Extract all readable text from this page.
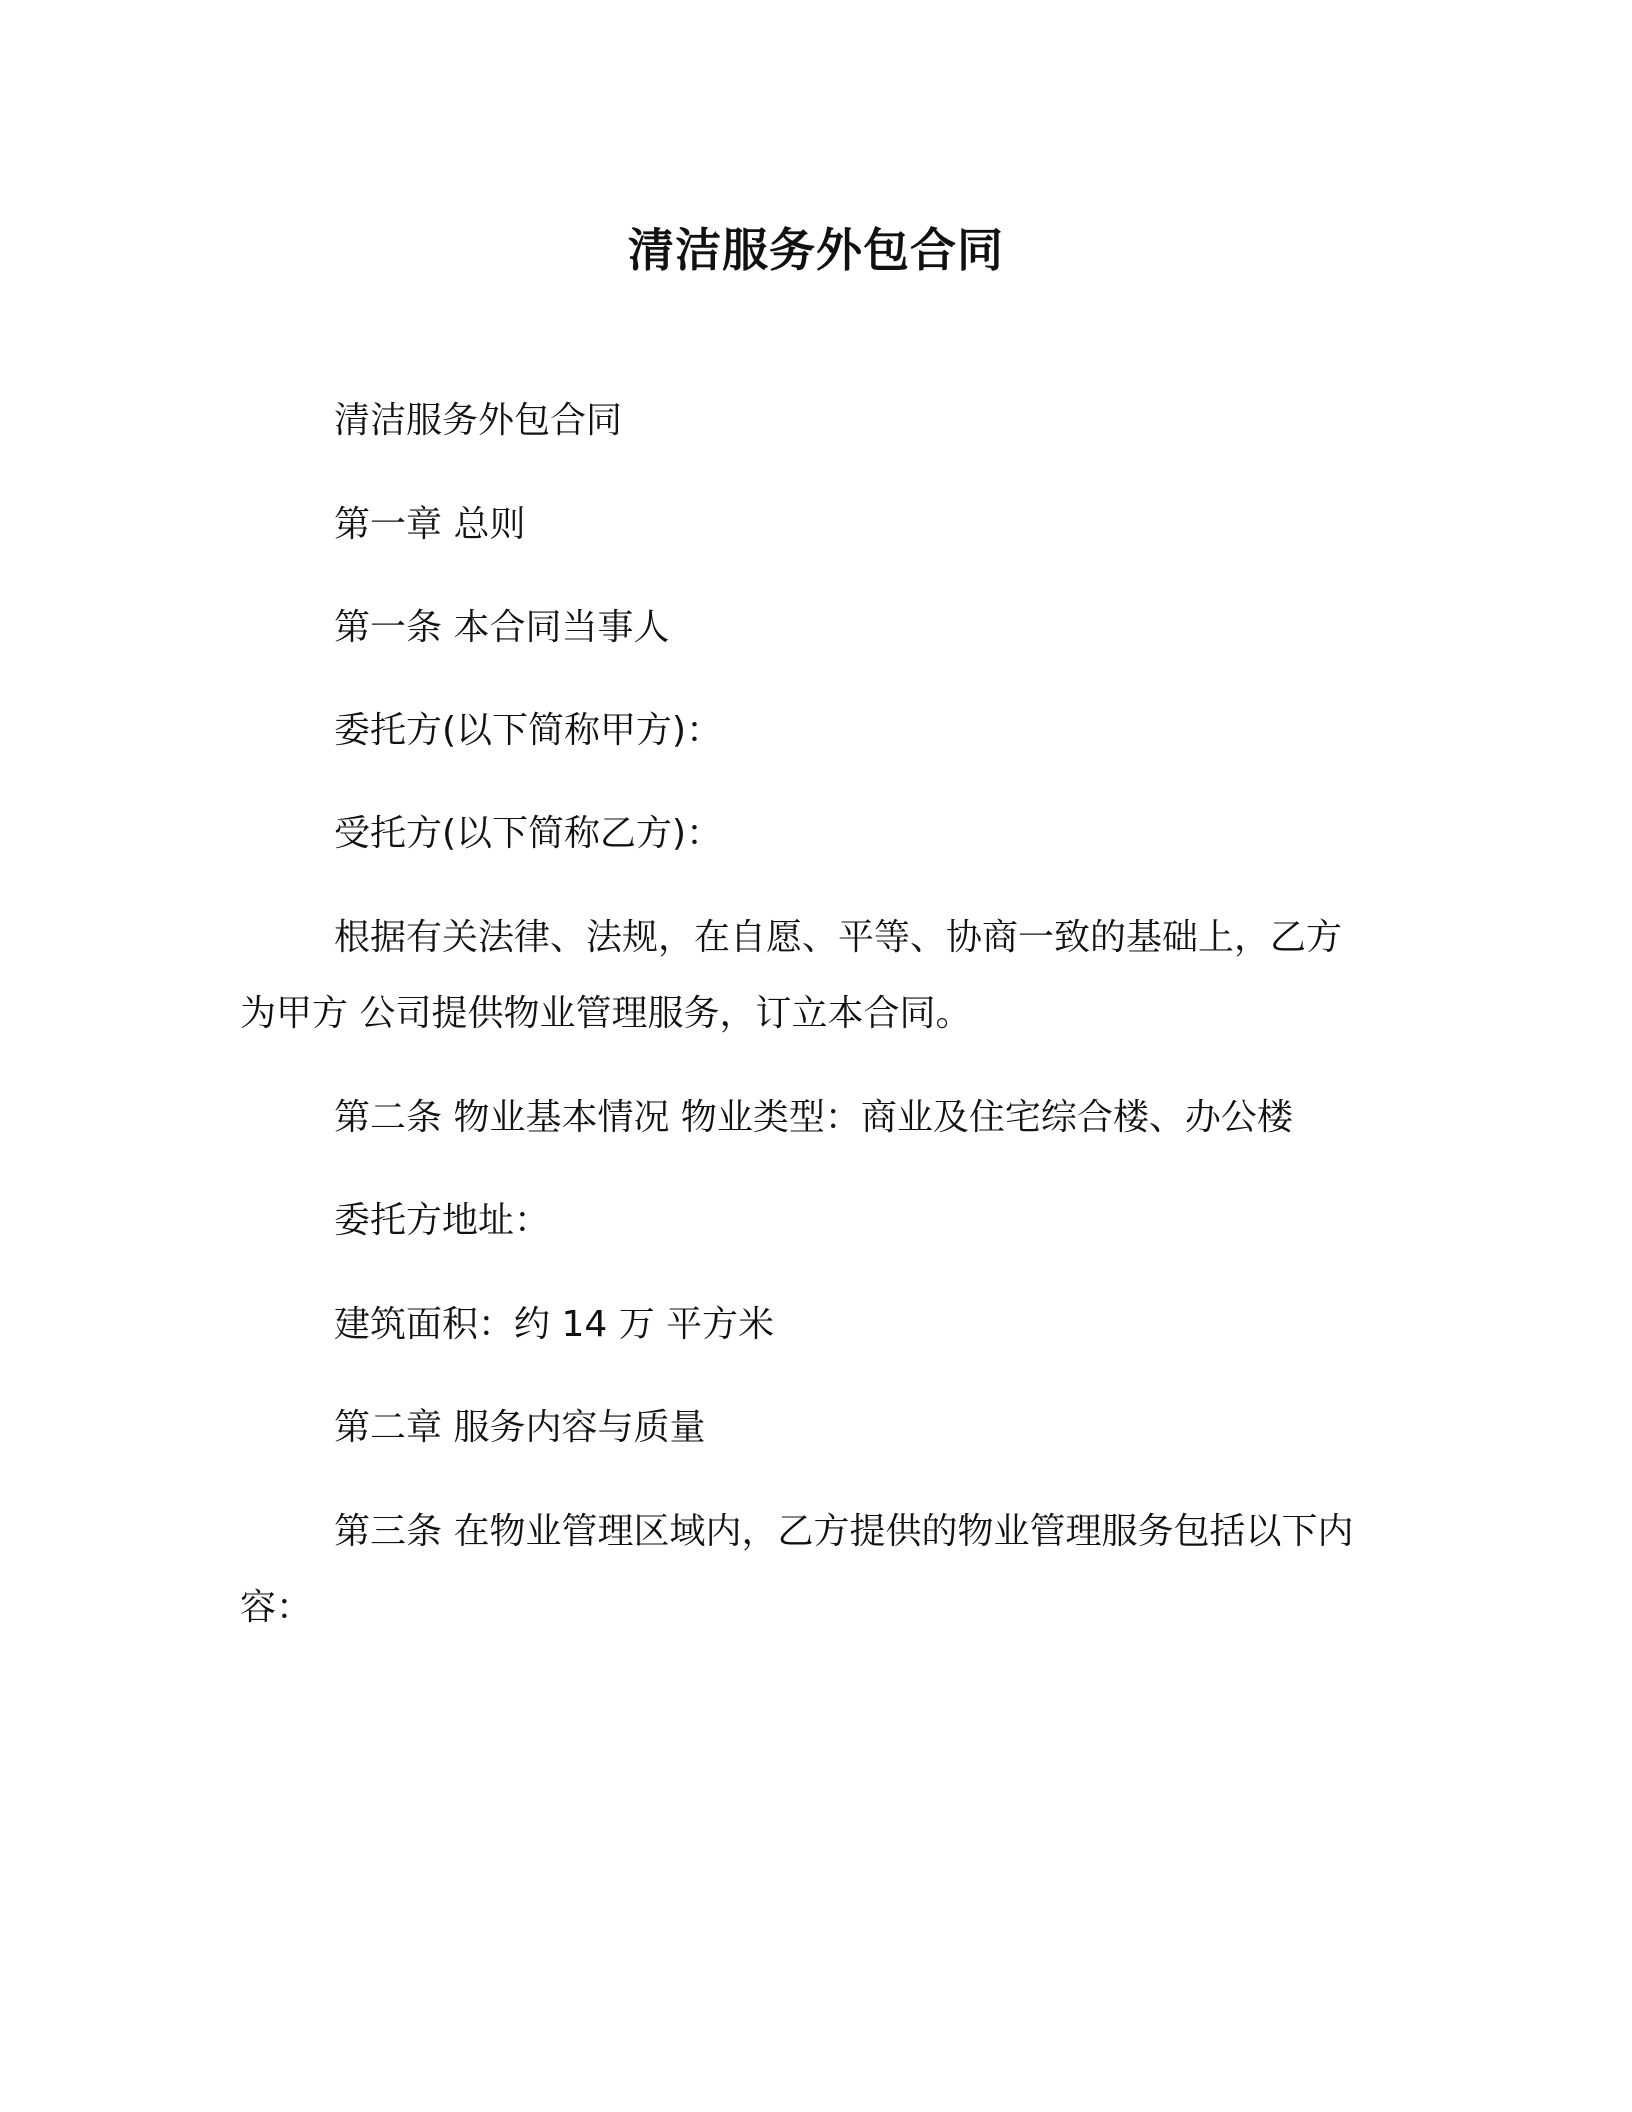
清洁服务外包合同
清洁服务外包合同
第一章 总则
第一条 本合同当事人
委托方(以下简称甲方)：
受托方(以下简称乙方)：
根据有关法律、法规，在自愿、平等、协商一致的基础上，乙方
为甲方 公司提供物业管理服务，订立本合同。
第二条 物业基本情况 物业类型：商业及住宅综合楼、办公楼
委托方地址：
建筑面积：约 14 万 平方米
第二章 服务内容与质量
第三条 在物业管理区域内，乙方提供的物业管理服务包括以下内
容：
